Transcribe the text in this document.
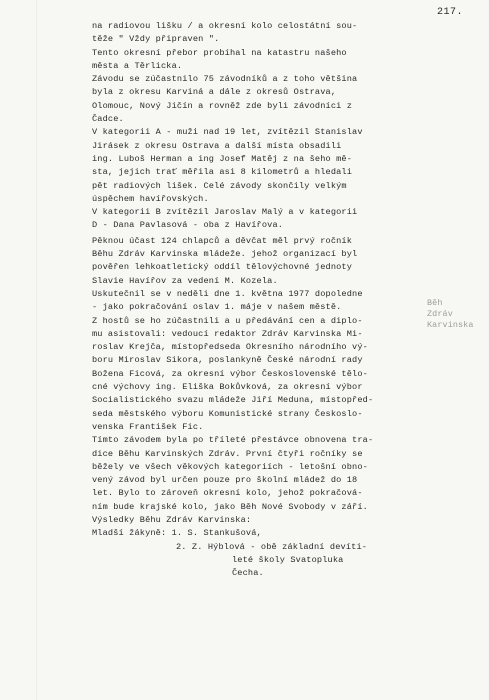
217.
na radiovou lišku / a okresní kolo celostátní sou-
těže " Vždy připraven ".
Tento okresní přebor probíhal na katastru našeho
města a Těrlicka.
Závodu se zúčastnilo 75 závodníků a z toho většina
byla z okresu Karviná a dále z okresů Ostrava,
Olomouc, Nový Jičín a rovněž zde byli závodníci z
Čadce.
V kategorii A - muži nad 19 let, zvítězil Stanislav
Jirásek z okresu Ostrava a další místa obsadili
ing. Luboš Herman a ing Josef Matěj z na šeho mě-
sta, jejich trať měřila asi 8 kilometrů a hledali
pět radiových lišek. Celé závody skončily velkým
úspěchem havířovských.
V kategorii B zvítězil Jaroslav Malý a v kategorii
D - Dana Pavlasová - oba z Havířova.
Pěknou účast 124 chlapců a děvčat měl prvý ročník
Běhu Zdráv Karvinska mládeže. jehož organizací byl
pověřen lehkoatletický oddíl tělovýchovné jednoty
Slavie Havířov za vedení M. Kozela.
Uskutečnil se v neděli dne 1. května 1977 dopoledne
- jako pokračování oslav 1. máje v našem městě.
Z hostů se ho zúčastnili a u předávání cen a diplo-
mu asistovali: vedoucí redaktor Zdráv Karvinska Mi-
roslav Krejča, místopředseda Okresního národního vý-
boru Miroslav Sikora, poslankyně České národní rady
Božena Ficová, za okresní výbor Československé tělo-
cné výchovy ing. Eliška Bokůvková, za okresní výbor
Socialistického svazu mládeže Jiří Meduna, místopřed-
seda městského výboru Komunistické strany Českoslo-
venska František Fic.
Tímto závodem byla po tříleté přestávce obnovena tra-
dice Běhu Karvinských Zdráv. První čtyři ročníky se
běžely ve všech věkových kategoriích - letošní obno-
vený závod byl určen pouze pro školní mládež do 18
let. Bylo to zároveň okresní kolo, jehož pokračová-
ním bude krajské kolo, jako Běh Nové Svobody v září.
Výsledky Běhu Zdráv Karvinska:
Mladší žákyně: 1. S. Stankušová,
2. Z. Hýblová - obě základní devíti-
leté školy Svatopluka
Čecha.
Běh
Zdráv
Karvinska
